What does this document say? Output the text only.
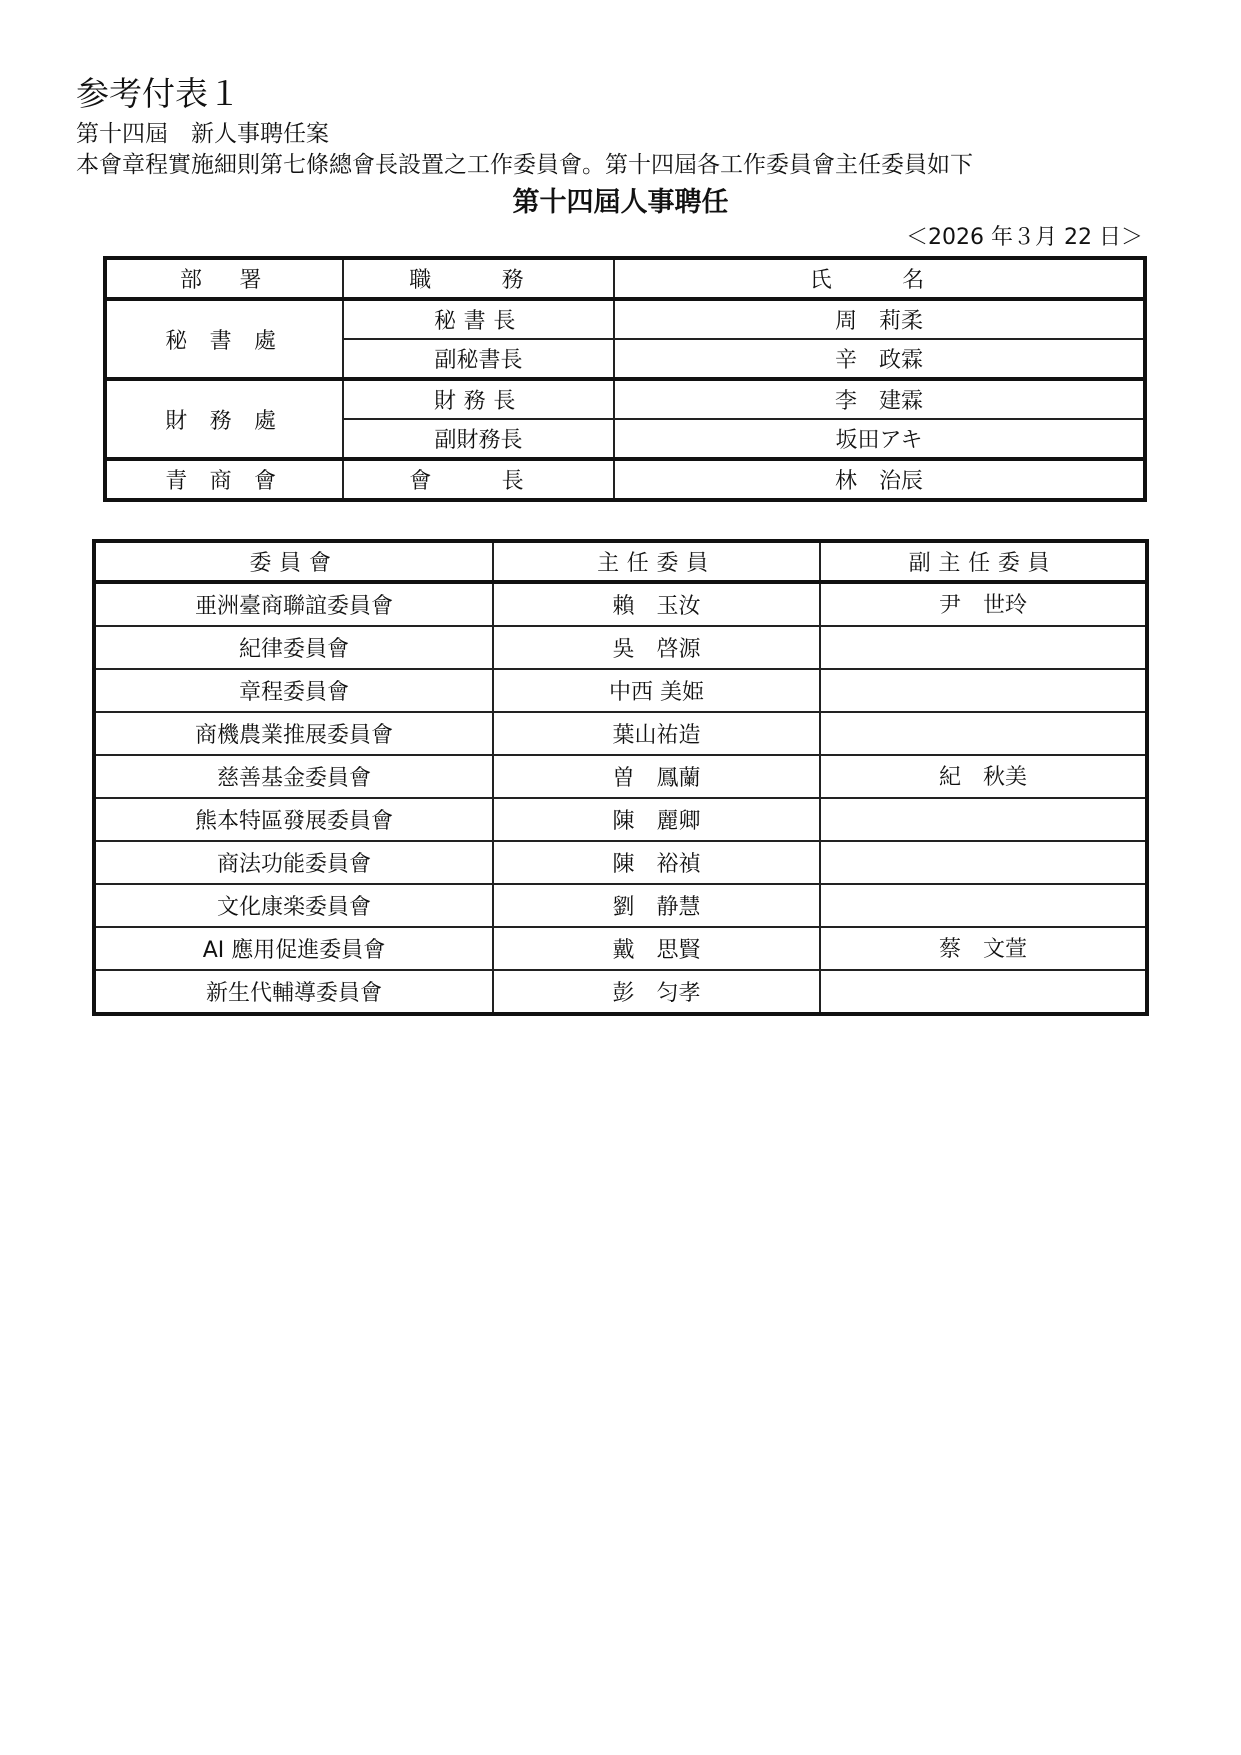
参考付表１
第十四屆　新人事聘任案
本會章程實施細則第七條總會長設置之工作委員會。第十四屆各工作委員會主任委員如下
第十四屆人事聘任
＜2026 年３月 22 日＞
部　署	職　務	氏　名
秘 書 處	秘書長	周　莉柔
	副秘書長	辛　政霖
財 務 處	財務長	李　建霖
	副財務長	坂田アキ
青 商 會	會　長	林　治辰
委員會	主任委員	副主任委員
亜洲臺商聯誼委員會	賴　玉汝	尹　世玲
紀律委員會	吳　啓源	
章程委員會	中西 美姫	
商機農業推展委員會	葉山祐造	
慈善基金委員會	曽　鳳蘭	紀　秋美
熊本特區發展委員會	陳　麗卿	
商法功能委員會	陳　裕禎	
文化康楽委員會	劉　静慧	
AI 應用促進委員會	戴　思賢	蔡　文萱
新生代輔導委員會	彭　匀孝	
